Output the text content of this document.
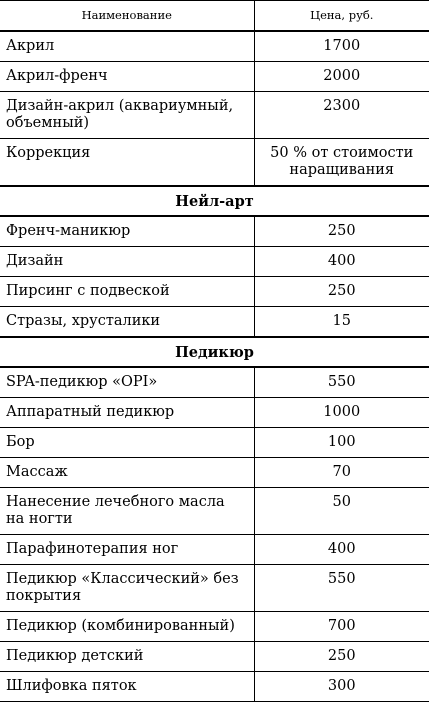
Наименование	Цена, руб.
Акрил	1700
Акрил-френч	2000
Дизайн-акрил (аквариумный, объемный)	2300
Коррекция	50 % от стоимости наращивания
Нейл-арт	
Френч-маникюр	250
Дизайн	400
Пирсинг с подвеской	250
Стразы, хрусталики	15
Педикюр	
SPA-педикюр «OPI»	550
Аппаратный педикюр	1000
Бор	100
Массаж	70
Нанесение лечебного масла на ногти	50
Парафинотерапия ног	400
Педикюр «Классический» без покрытия	550
Педикюр (комбинированный)	700
Педикюр детский	250
Шлифовка пяток	300
